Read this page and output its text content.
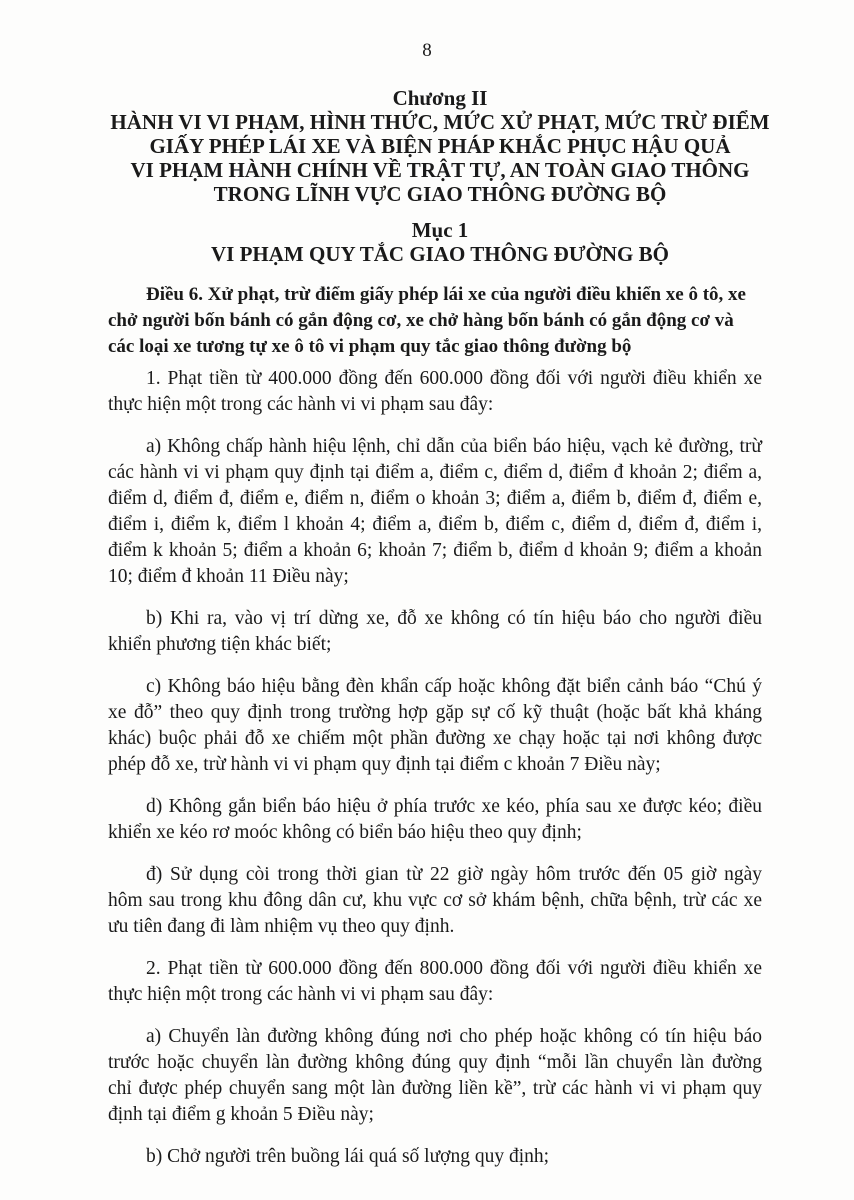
8
Chương II
HÀNH VI VI PHẠM, HÌNH THỨC, MỨC XỬ PHẠT, MỨC TRỪ ĐIỂM
GIẤY PHÉP LÁI XE VÀ BIỆN PHÁP KHẮC PHỤC HẬU QUẢ
VI PHẠM HÀNH CHÍNH VỀ TRẬT TỰ, AN TOÀN GIAO THÔNG
TRONG LĨNH VỰC GIAO THÔNG ĐƯỜNG BỘ
Mục 1
VI PHẠM QUY TẮC GIAO THÔNG ĐƯỜNG BỘ
Điều 6. Xử phạt, trừ điểm giấy phép lái xe của người điều khiển xe ô tô, xe
chở người bốn bánh có gắn động cơ, xe chở hàng bốn bánh có gắn động cơ và
các loại xe tương tự xe ô tô vi phạm quy tắc giao thông đường bộ
1. Phạt tiền từ 400.000 đồng đến 600.000 đồng đối với người điều khiển xe
thực hiện một trong các hành vi vi phạm sau đây:
a) Không chấp hành hiệu lệnh, chỉ dẫn của biển báo hiệu, vạch kẻ đường, trừ
các hành vi vi phạm quy định tại điểm a, điểm c, điểm d, điểm đ khoản 2; điểm a,
điểm d, điểm đ, điểm e, điểm n, điểm o khoản 3; điểm a, điểm b, điểm đ, điểm e,
điểm i, điểm k, điểm l khoản 4; điểm a, điểm b, điểm c, điểm d, điểm đ, điểm i,
điểm k khoản 5; điểm a khoản 6; khoản 7; điểm b, điểm d khoản 9; điểm a khoản
10; điểm đ khoản 11 Điều này;
b) Khi ra, vào vị trí dừng xe, đỗ xe không có tín hiệu báo cho người điều
khiển phương tiện khác biết;
c) Không báo hiệu bằng đèn khẩn cấp hoặc không đặt biển cảnh báo “Chú ý
xe đỗ” theo quy định trong trường hợp gặp sự cố kỹ thuật (hoặc bất khả kháng
khác) buộc phải đỗ xe chiếm một phần đường xe chạy hoặc tại nơi không được
phép đỗ xe, trừ hành vi vi phạm quy định tại điểm c khoản 7 Điều này;
d) Không gắn biển báo hiệu ở phía trước xe kéo, phía sau xe được kéo; điều
khiển xe kéo rơ moóc không có biển báo hiệu theo quy định;
đ) Sử dụng còi trong thời gian từ 22 giờ ngày hôm trước đến 05 giờ ngày
hôm sau trong khu đông dân cư, khu vực cơ sở khám bệnh, chữa bệnh, trừ các xe
ưu tiên đang đi làm nhiệm vụ theo quy định.
2. Phạt tiền từ 600.000 đồng đến 800.000 đồng đối với người điều khiển xe
thực hiện một trong các hành vi vi phạm sau đây:
a) Chuyển làn đường không đúng nơi cho phép hoặc không có tín hiệu báo
trước hoặc chuyển làn đường không đúng quy định “mỗi lần chuyển làn đường
chỉ được phép chuyển sang một làn đường liền kề”, trừ các hành vi vi phạm quy
định tại điểm g khoản 5 Điều này;
b) Chở người trên buồng lái quá số lượng quy định;
